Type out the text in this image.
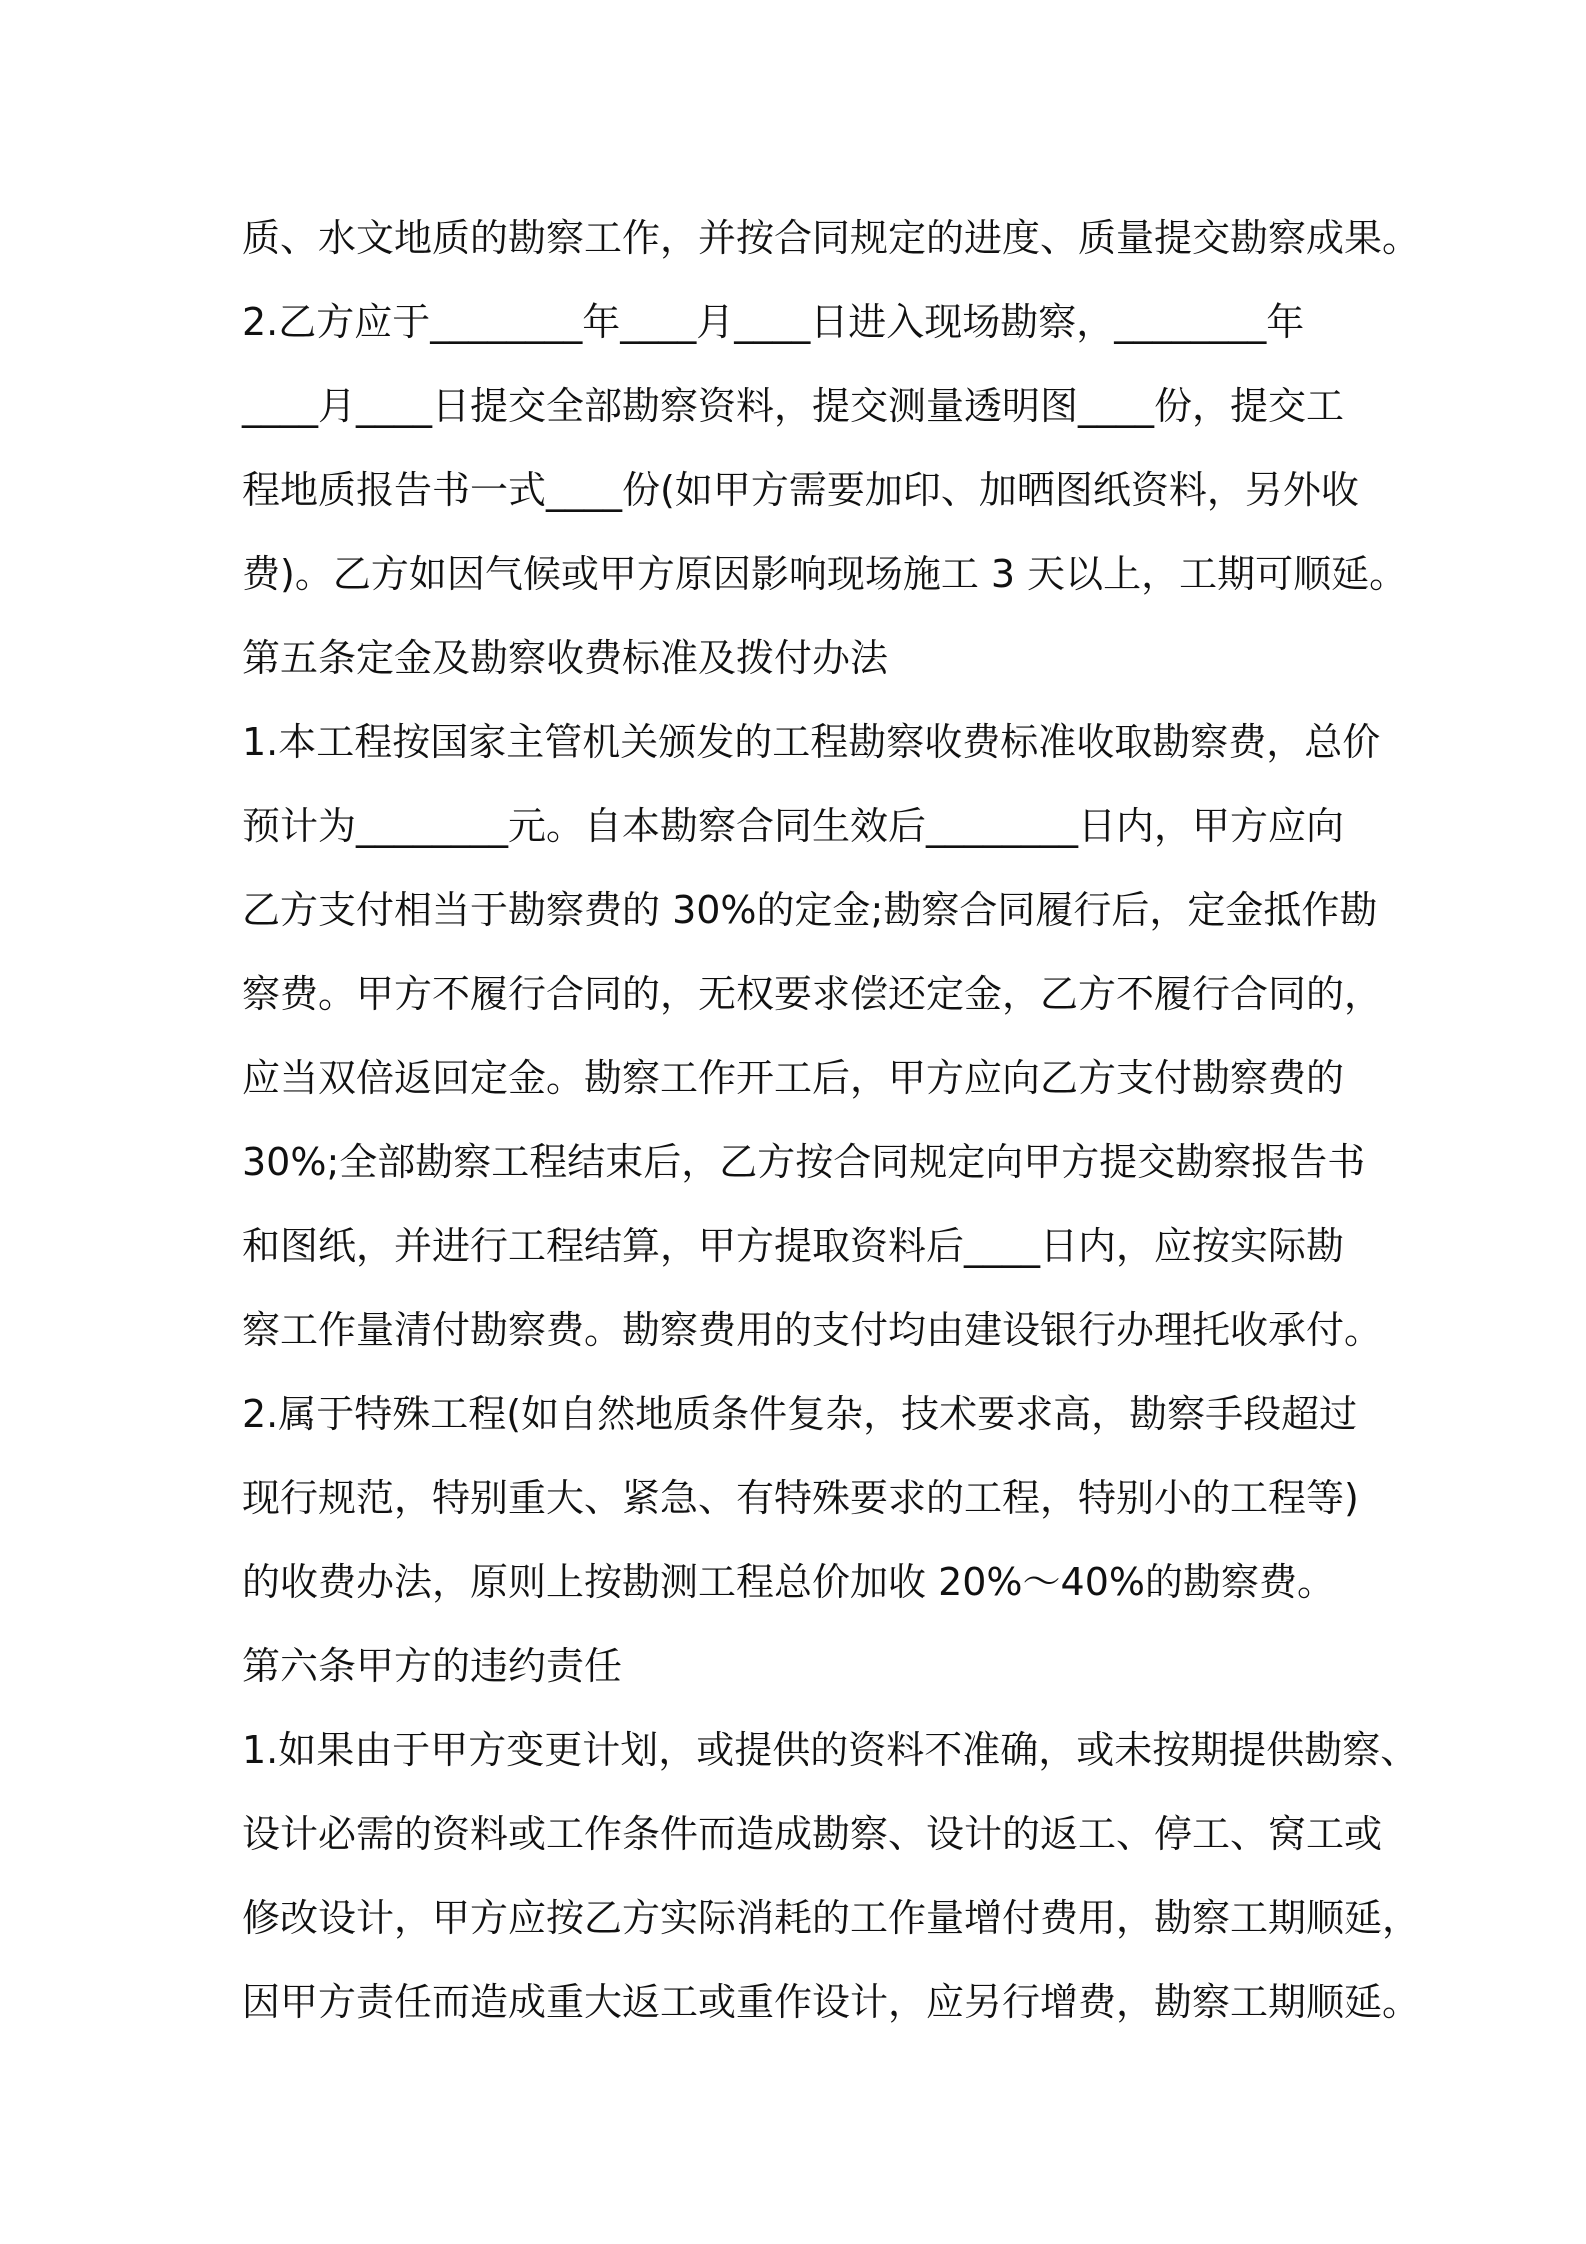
质、水文地质的勘察工作，并按合同规定的进度、质量提交勘察成果。
2.乙方应于________年____月____日进入现场勘察，________年
____月____日提交全部勘察资料，提交测量透明图____份，提交工
程地质报告书一式____份(如甲方需要加印、加晒图纸资料，另外收
费)。乙方如因气候或甲方原因影响现场施工 3 天以上，工期可顺延。
第五条定金及勘察收费标准及拨付办法
1.本工程按国家主管机关颁发的工程勘察收费标准收取勘察费，总价
预计为________元。自本勘察合同生效后________日内，甲方应向
乙方支付相当于勘察费的 30%的定金;勘察合同履行后，定金抵作勘
察费。甲方不履行合同的，无权要求偿还定金，乙方不履行合同的，
应当双倍返回定金。勘察工作开工后，甲方应向乙方支付勘察费的
30%;全部勘察工程结束后，乙方按合同规定向甲方提交勘察报告书
和图纸，并进行工程结算，甲方提取资料后____日内，应按实际勘
察工作量清付勘察费。勘察费用的支付均由建设银行办理托收承付。
2.属于特殊工程(如自然地质条件复杂，技术要求高，勘察手段超过
现行规范，特别重大、紧急、有特殊要求的工程，特别小的工程等)
的收费办法，原则上按勘测工程总价加收 20%～40%的勘察费。
第六条甲方的违约责任
1.如果由于甲方变更计划，或提供的资料不准确，或未按期提供勘察、
设计必需的资料或工作条件而造成勘察、设计的返工、停工、窝工或
修改设计，甲方应按乙方实际消耗的工作量增付费用，勘察工期顺延，
因甲方责任而造成重大返工或重作设计，应另行增费，勘察工期顺延。
